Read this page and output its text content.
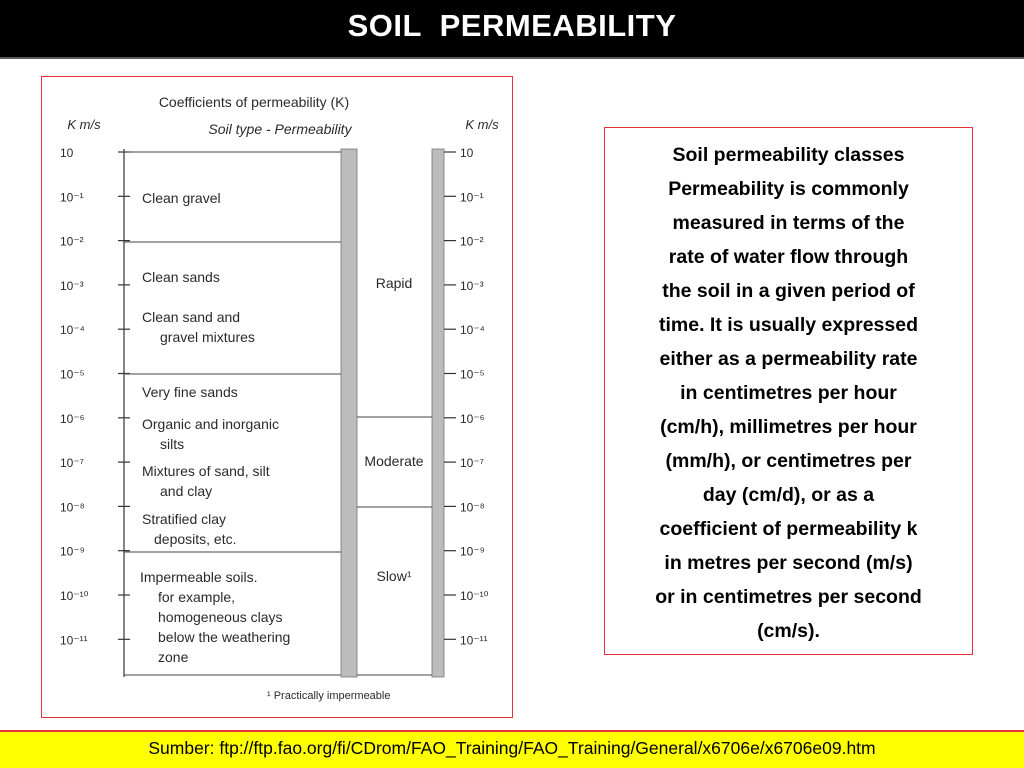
SOIL  PERMEABILITY
Coefficients of permeability (K)
Soil type - Permeability
K m/s	K m/s
10
10⁻¹
10⁻²
10⁻³
10⁻⁴
10⁻⁵
10⁻⁶
10⁻⁷
10⁻⁸
10⁻⁹
10⁻¹⁰
10⁻¹¹
10
10⁻¹
10⁻²
10⁻³
10⁻⁴
10⁻⁵
10⁻⁶
10⁻⁷
10⁻⁸
10⁻⁹
10⁻¹⁰
10⁻¹¹
Rapid
Moderate
Slow¹
Clean gravel
Clean sands
Clean sand and
gravel mixtures
Very fine sands
Organic and inorganic
silts
Mixtures of sand, silt
and clay
Stratified clay
deposits, etc.
Impermeable soils.
for example,
homogeneous clays
below the weathering
zone
¹ Practically impermeable

Soil permeability classes

Permeability is commonly

measured in terms of the

rate of water flow through

the soil in a given period of

time. It is usually expressed

either as a permeability rate

in centimetres per hour

(cm/h), millimetres per hour

(mm/h), or centimetres per

day (cm/d), or as a

coefficient of permeability k

in metres per second (m/s)

or in centimetres per second

(cm/s).

Sumber: ftp://ftp.fao.org/fi/CDrom/FAO_Training/FAO_Training/General/x6706e/x6706e09.htm
